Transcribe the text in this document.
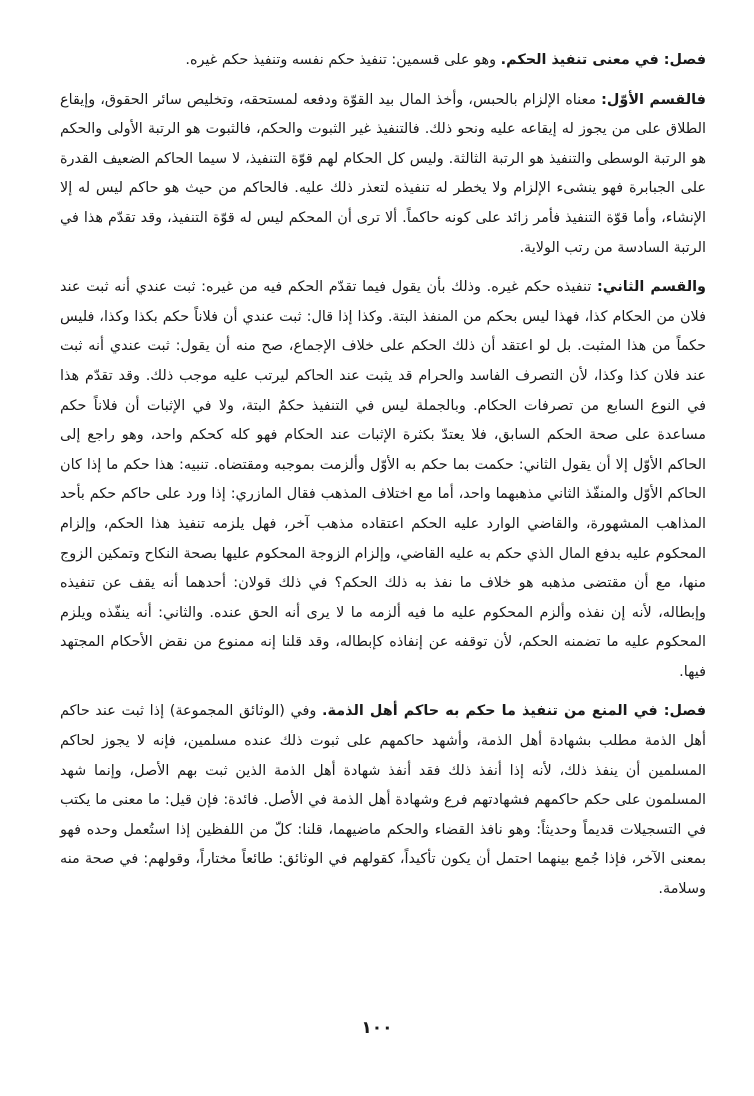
فصل: في معنى تنفيذ الحكم. وهو على قسمين: تنفيذ حكم نفسه وتنفيذ حكم غيره.

فالقسم الأوّل: معناه الإلزام بالحبس، وأخذ المال بيد القوّة ودفعه لمستحقه، وتخليص سائر الحقوق، وإيقاع الطلاق على من يجوز له إيقاعه عليه ونحو ذلك. فالتنفيذ غير الثبوت والحكم، فالثبوت هو الرتبة الأولى والحكم هو الرتبة الوسطى والتنفيذ هو الرتبة الثالثة. وليس كل الحكام لهم قوّة التنفيذ، لا سيما الحاكم الضعيف القدرة على الجبابرة فهو ينشىء الإلزام ولا يخطر له تنفيذه لتعذر ذلك عليه. فالحاكم من حيث هو حاكم ليس له إلا الإنشاء، وأما قوّة التنفيذ فأمر زائد على كونه حاكماً. ألا ترى أن المحكم ليس له قوّة التنفيذ، وقد تقدّم هذا في الرتبة السادسة من رتب الولاية.

والقسم الثاني: تنفيذه حكم غيره. وذلك بأن يقول فيما تقدّم الحكم فيه من غيره: ثبت عندي أنه ثبت عند فلان من الحكام كذا، فهذا ليس بحكم من المنفذ البتة. وكذا إذا قال: ثبت عندي أن فلاناً حكم بكذا وكذا، فليس حكماً من هذا المثبت. بل لو اعتقد أن ذلك الحكم على خلاف الإجماع، صح منه أن يقول: ثبت عندي أنه ثبت عند فلان كذا وكذا، لأن التصرف الفاسد والحرام قد يثبت عند الحاكم ليرتب عليه موجب ذلك. وقد تقدّم هذا في النوع السابع من تصرفات الحكام. وبالجملة ليس في التنفيذ حكمٌ البتة، ولا في الإثبات أن فلاناً حكم مساعدة على صحة الحكم السابق، فلا يعتدّ بكثرة الإثبات عند الحكام فهو كله كحكم واحد، وهو راجع إلى الحاكم الأوّل إلا أن يقول الثاني: حكمت بما حكم به الأوّل وألزمت بموجبه ومقتضاه. تنبيه: هذا حكم ما إذا كان الحاكم الأوّل والمنفّذ الثاني مذهبهما واحد، أما مع اختلاف المذهب فقال المازري: إذا ورد على حاكم حكم بأحد المذاهب المشهورة، والقاضي الوارد عليه الحكم اعتقاده مذهب آخر، فهل يلزمه تنفيذ هذا الحكم، وإلزام المحكوم عليه بدفع المال الذي حكم به عليه القاضي، وإلزام الزوجة المحكوم عليها بصحة النكاح وتمكين الزوج منها، مع أن مقتضى مذهبه هو خلاف ما نفذ به ذلك الحكم؟ في ذلك قولان: أحدهما أنه يقف عن تنفيذه وإبطاله، لأنه إن نفذه وألزم المحكوم عليه ما فيه ألزمه ما لا يرى أنه الحق عنده. والثاني: أنه ينفّذه ويلزم المحكوم عليه ما تضمنه الحكم، لأن توقفه عن إنفاذه كإبطاله، وقد قلنا إنه ممنوع من نقض الأحكام المجتهد فيها.

فصل: في المنع من تنفيذ ما حكم به حاكم أهل الذمة. وفي (الوثائق المجموعة) إذا ثبت عند حاكم أهل الذمة مطلب بشهادة أهل الذمة، وأشهد حاكمهم على ثبوت ذلك عنده مسلمين، فإنه لا يجوز لحاكم المسلمين أن ينفذ ذلك، لأنه إذا أنفذ ذلك فقد أنفذ شهادة أهل الذمة الذين ثبت بهم الأصل، وإنما شهد المسلمون على حكم حاكمهم فشهادتهم فرع وشهادة أهل الذمة في الأصل. فائدة: فإن قيل: ما معنى ما يكتب في التسجيلات قديماً وحديثاً: وهو نافذ القضاء والحكم ماضيهما، قلنا: كلّ من اللفظين إذا استُعمل وحده فهو بمعنى الآخر، فإذا جُمع بينهما احتمل أن يكون تأكيداً، كقولهم في الوثائق: طائعاً مختاراً، وقولهم: في صحة منه وسلامة.

١٠٠
